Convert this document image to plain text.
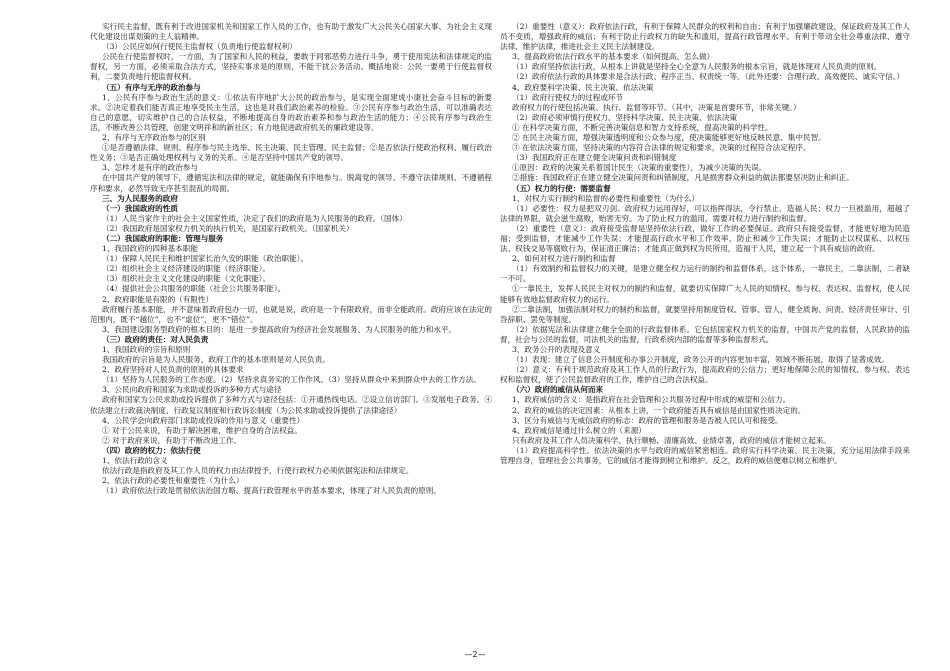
实行民主监督，既有利于改进国家机关和国家工作人员的工作，也有助于激发广大公民关心国家大事、为社会主义现代化建设出谋划策的主人翁精神。

（3）公民应如何行使民主监督权（负责地行使监督权利）

公民在行使监督权时，一方面，为了国家和人民的利益，要敢于同邪恶势力进行斗争，勇于使用宪法和法律规定的监督权，另一方面，必须采取合法方式，坚持实事求是的原则，不能干扰公务活动。概括地说：公民一要勇于行使监督权利，二要负责地行使监督权利。

（五）有序与无序的政治参与

1、公民有序参与政治生活的意义：①依法有序地扩大公民的政治参与，是实现全面建成小康社会奋斗目标的新要求。②决定着我们能否真正地享受民主生活，这也是对我们政治素养的检验。③公民有序参与政治生活，可以准确表达自己的意愿，切实维护自己的合法权益，不断地提高自身的政治素养和参与政治生活的能力；④公民有序参与政治生活，不断改善公共管理，创建文明祥和的新社区；有力地促进政府机关的廉政建设等。

2、有序与无序政治参与的区别

①是否遵循法律、规则、程序参与民主选举、民主决策、民主管理、民主监督；②是否依法行使政治权利、履行政治性义务；③是否正确处理权利与义务的关系。④是否坚持中国共产党的领导。

3、怎样才是有序的政治参与

在中国共产党的领导下，遵循宪法和法律的规定，就能确保有序地参与。脱离党的领导、不遵守法律规则、不遵循程序和要求，必然导致无序甚至混乱的局面。

三、为人民服务的政府

（一）我国政府的性质

（1）人民当家作主的社会主义国家性质，决定了我们的政府是为人民服务的政府。（国体）

（2）我国政府是国家权力机关的执行机关，是国家行政机关。（国家机关）

（二）我国政府的职能：管理与服务

1、我国政府的四种基本职能

（1）保障人民民主和维护国家长治久安的职能（政治职能）。

（2）组织社会主义经济建设的职能（经济职能）。

（3）组织社会主义文化建设的职能（文化职能）。

（4）提供社会公共服务的职能（社会公共服务职能）。

2、政府职能是有限的（有限性）

政府履行基本职能，并不意味着政府包办一切，也就是说，政府是一个有限政府，而非全能政府。政府应该在法定的范围内，既不“越位”，也不“虚位”，更不“错位”。

3、我国建设服务型政府的根本目的：是进一步提高政府为经济社会发展服务、为人民服务的能力和水平。

（三）政府的责任：对人民负责

1、我国政府的宗旨和原则

我国政府的宗旨是为人民服务，政府工作的基本原则是对人民负责。

2、政府坚持对人民负责的原则的具体要求

（1）坚持为人民服务的工作态度。（2）坚持求真务实的工作作风。（3）坚持从群众中来到群众中去的工作方法。

3、公民向政府和国家为求助或投诉的多种方式与途径

政府和国家为公民求助或投诉提供了多种方式与途径包括：①开通热线电话。②设立信访部门。③发展电子政务。④依法建立行政裁决制度、行政复议制度和行政诉讼制度（为公民求助或投诉提供了法律途径）

4、公民学会向政府部门求助或投诉的作用与意义（重要性）

① 对于公民来说，有助于解决困难，维护自身的合法权益。

② 对于政府来说，有助于不断改进工作。

（四）政府的权力：依法行使

1、依法行政的含义

依法行政是指政府及其工作人员的权力由法律授予，行使行政权力必须依据宪法和法律规定。

2、依法行政的必要性和重要性（为什么）

（1）政府依法行政是贯彻依法治国方略、提高行政管理水平的基本要求，体现了对人民负责的原则。

（2）重要性（意义）：政府依法行政，有利于保障人民群众的权利和自由；有利于加强廉政建设，保证政府及其工作人员不变质，增强政府的威信；有利于防止行政权力的缺失和滥用，提高行政管理水平。有利于带动全社会尊重法律、遵守法律、维护法律，推进社会主义民主法制建设。

3、提高政府依法行政水平的基本要求（如何提高、怎么做）

（1）政府坚持依法行政，从根本上讲就是坚持全心全意为人民服务的根本宗旨，就是体现对人民负责的原则。

（2）政府依法行政的具体要求是合法行政、程序正当、权责统一等。（此外还要：合理行政、高效便民、诚实守信。）

4、政府要科学决策、民主决策、依法决策

（1）政府行使权力的过程或环节

政府权力的行使包括决策、执行、监督等环节。（其中，决策是首要环节，非常关键。）

（2）政府必须审慎行使权力，坚持科学决策、民主决策、依法决策

① 在科学决策方面，不断完善决策信息和智力支持系统，提高决策的科学性。

② 在民主决策方面，增强决策透明度和公众参与度，使决策能够更好地反映民意、集中民智。

③ 在依法决策方面，坚持决策的内容符合法律的规定和要求，决策的过程符合法定程序。

（3）我国政府正在建立健全决策问责和纠错制度

①原因：政府的决策关系着国计民生（决策的重要性），为减少决策的失误。

②措施：我国政府正在建立健全决策问责和纠错制度，凡是损害群众利益的做法都要坚决防止和纠正。

（五）权力的行使：需要监督

1、对权力实行制约和监督的必要性和重要性（为什么）

（1）必要性：权力是把双刃剑。政府权力运用得好，可以指挥得法，令行禁止、造福人民；权力一旦被滥用，超越了法律的界限，就会滋生腐败，贻害无穷。为了防止权力的滥用，需要对权力进行制约和监督。

（2）重要性（意义）：政府接受监督是坚持依法行政，做好工作的必要保证。政府只有接受监督，才能更好地为民造福；受到监督，才能减少工作失误；才能提高行政水平和工作效率，防止和减少工作失误；才能防止以权谋私、以权压法、权钱交易等腐败行为，保证清正廉洁；才能真正做到权为民所用，造福于人民，建立起一个具有威信的政府。

2、如何对权力进行制约和监督

（1）有效制约和监督权力的关键，是建立健全权力运行的制约和监督体系，这个体系，一靠民主，二靠法制，二者缺一不可。

①一靠民主，发挥人民民主对权力的制约和监督，就要切实保障广大人民的知情权、参与权、表达权、监督权，使人民能够有效地监督政府权力的运行。

②二靠法制，加强法制对权力的制约和监督，就要坚持用制度管权、管事、管人，健全质询、问责、经济责任审计、引咎辞职、罢免等制度。

（2）依据宪法和法律建立健全全面的行政监督体系。它包括国家权力机关的监督，中国共产党的监督，人民政协的监督，社会与公民的监督，司法机关的监督，行政系统内部的监督等多种监督形式。

3、政务公开的表现及意义

（1）表现：建立了信息公开制度和办事公开制度，政务公开的内容更加丰富，领域不断拓展，取得了显著成效。

（2）意义：有利于规范政府及其工作人员的行政行为，提高政府的公信力；更好地保障公民的知情权、参与权、表达权和监督权，使了公民监督政府的工作，维护自己的合法权益。

（六）政府的威信从何而来

1、政府威信的含义：是指政府在社会管理和公共服务过程中形成的威望和公信力。

2、政府的威信的决定因素：从根本上讲，一个政府能否具有威信是由国家性质决定的。

3、区分有威信与无威信政府的标志：政府的管理和服务是否被人民认可和接受。

4、政府威信是通过什么树立的（来源）

只有政府及其工作人员决策科学、执行顺畅、清廉高效、业绩卓著，政府的威信才能树立起来。

（1）政府提高科学性、依法决策的水平与政府的威信紧密相连。政府实行科学决策、民主决策，充分运用法律手段来管理自身，管理社会公共事务，它的威信才能得到树立和维护。反之，政府的威信便难以树立和维护。

—2—
